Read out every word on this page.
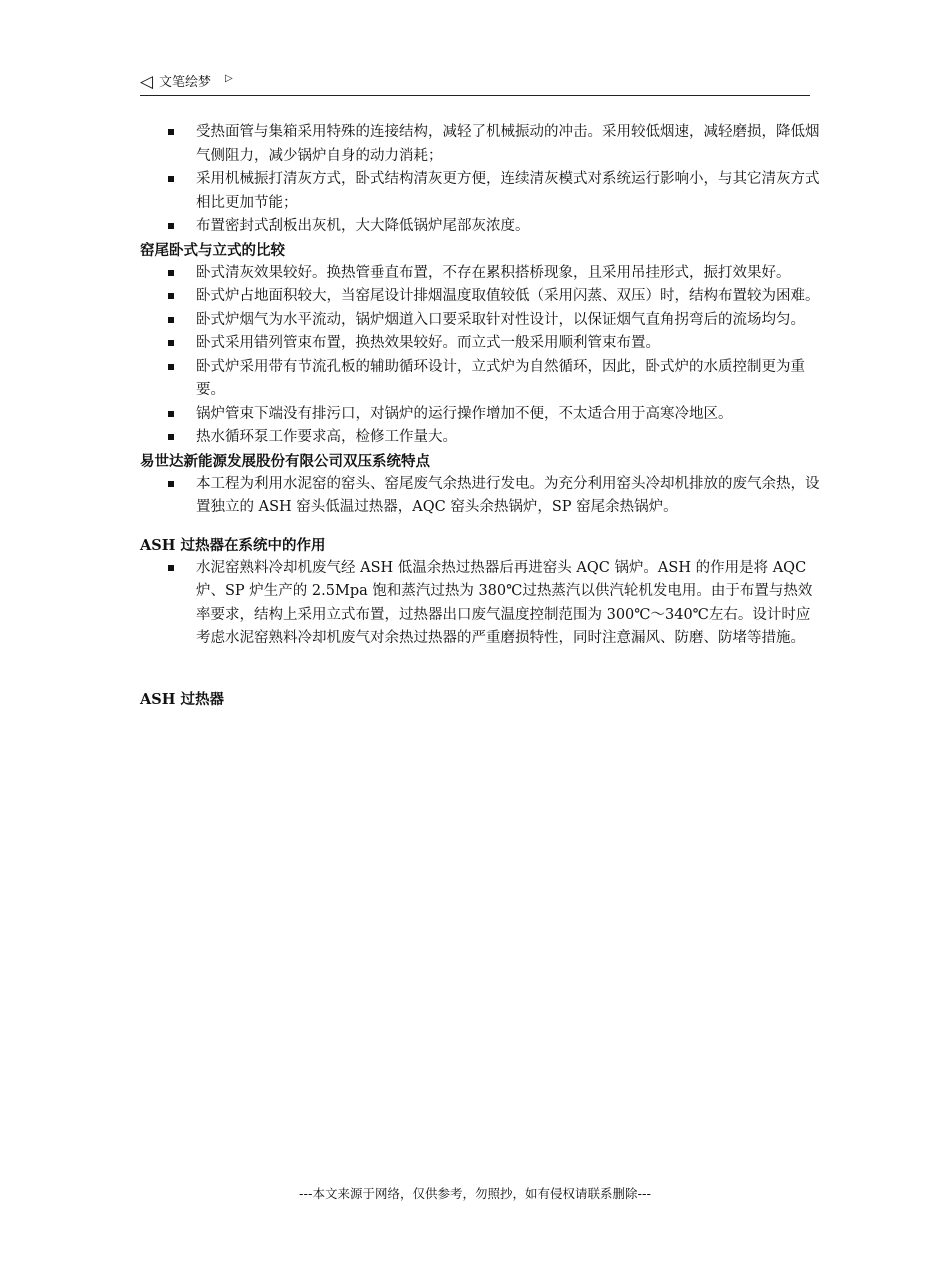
◁ 文笔绘梦 ▷
受热面管与集箱采用特殊的连接结构，减轻了机械振动的冲击。采用较低烟速，减轻磨损，降低烟气侧阻力，减少锅炉自身的动力消耗；
采用机械振打清灰方式，卧式结构清灰更方便，连续清灰模式对系统运行影响小，与其它清灰方式相比更加节能；
布置密封式刮板出灰机，大大降低锅炉尾部灰浓度。
窑尾卧式与立式的比较
卧式清灰效果较好。换热管垂直布置，不存在累积搭桥现象，且采用吊挂形式，振打效果好。
卧式炉占地面积较大，当窑尾设计排烟温度取值较低（采用闪蒸、双压）时，结构布置较为困难。
卧式炉烟气为水平流动，锅炉烟道入口要采取针对性设计，以保证烟气直角拐弯后的流场均匀。
卧式采用错列管束布置，换热效果较好。而立式一般采用顺利管束布置。
卧式炉采用带有节流孔板的辅助循环设计，立式炉为自然循环，因此，卧式炉的水质控制更为重要。
锅炉管束下端没有排污口，对锅炉的运行操作增加不便，不太适合用于高寒冷地区。
热水循环泵工作要求高，检修工作量大。
易世达新能源发展股份有限公司双压系统特点
本工程为利用水泥窑的窑头、窑尾废气余热进行发电。为充分利用窑头冷却机排放的废气余热，设置独立的 ASH 窑头低温过热器，AQC 窑头余热锅炉，SP 窑尾余热锅炉。
ASH 过热器在系统中的作用
水泥窑熟料冷却机废气经 ASH 低温余热过热器后再进窑头 AQC 锅炉。ASH 的作用是将 AQC 炉、SP 炉生产的 2.5Mpa 饱和蒸汽过热为 380℃过热蒸汽以供汽轮机发电用。由于布置与热效率要求，结构上采用立式布置，过热器出口废气温度控制范围为 300℃～340℃左右。设计时应考虑水泥窑熟料冷却机废气对余热过热器的严重磨损特性，同时注意漏风、防磨、防堵等措施。
ASH 过热器
---本文来源于网络，仅供参考，勿照抄，如有侵权请联系删除---
